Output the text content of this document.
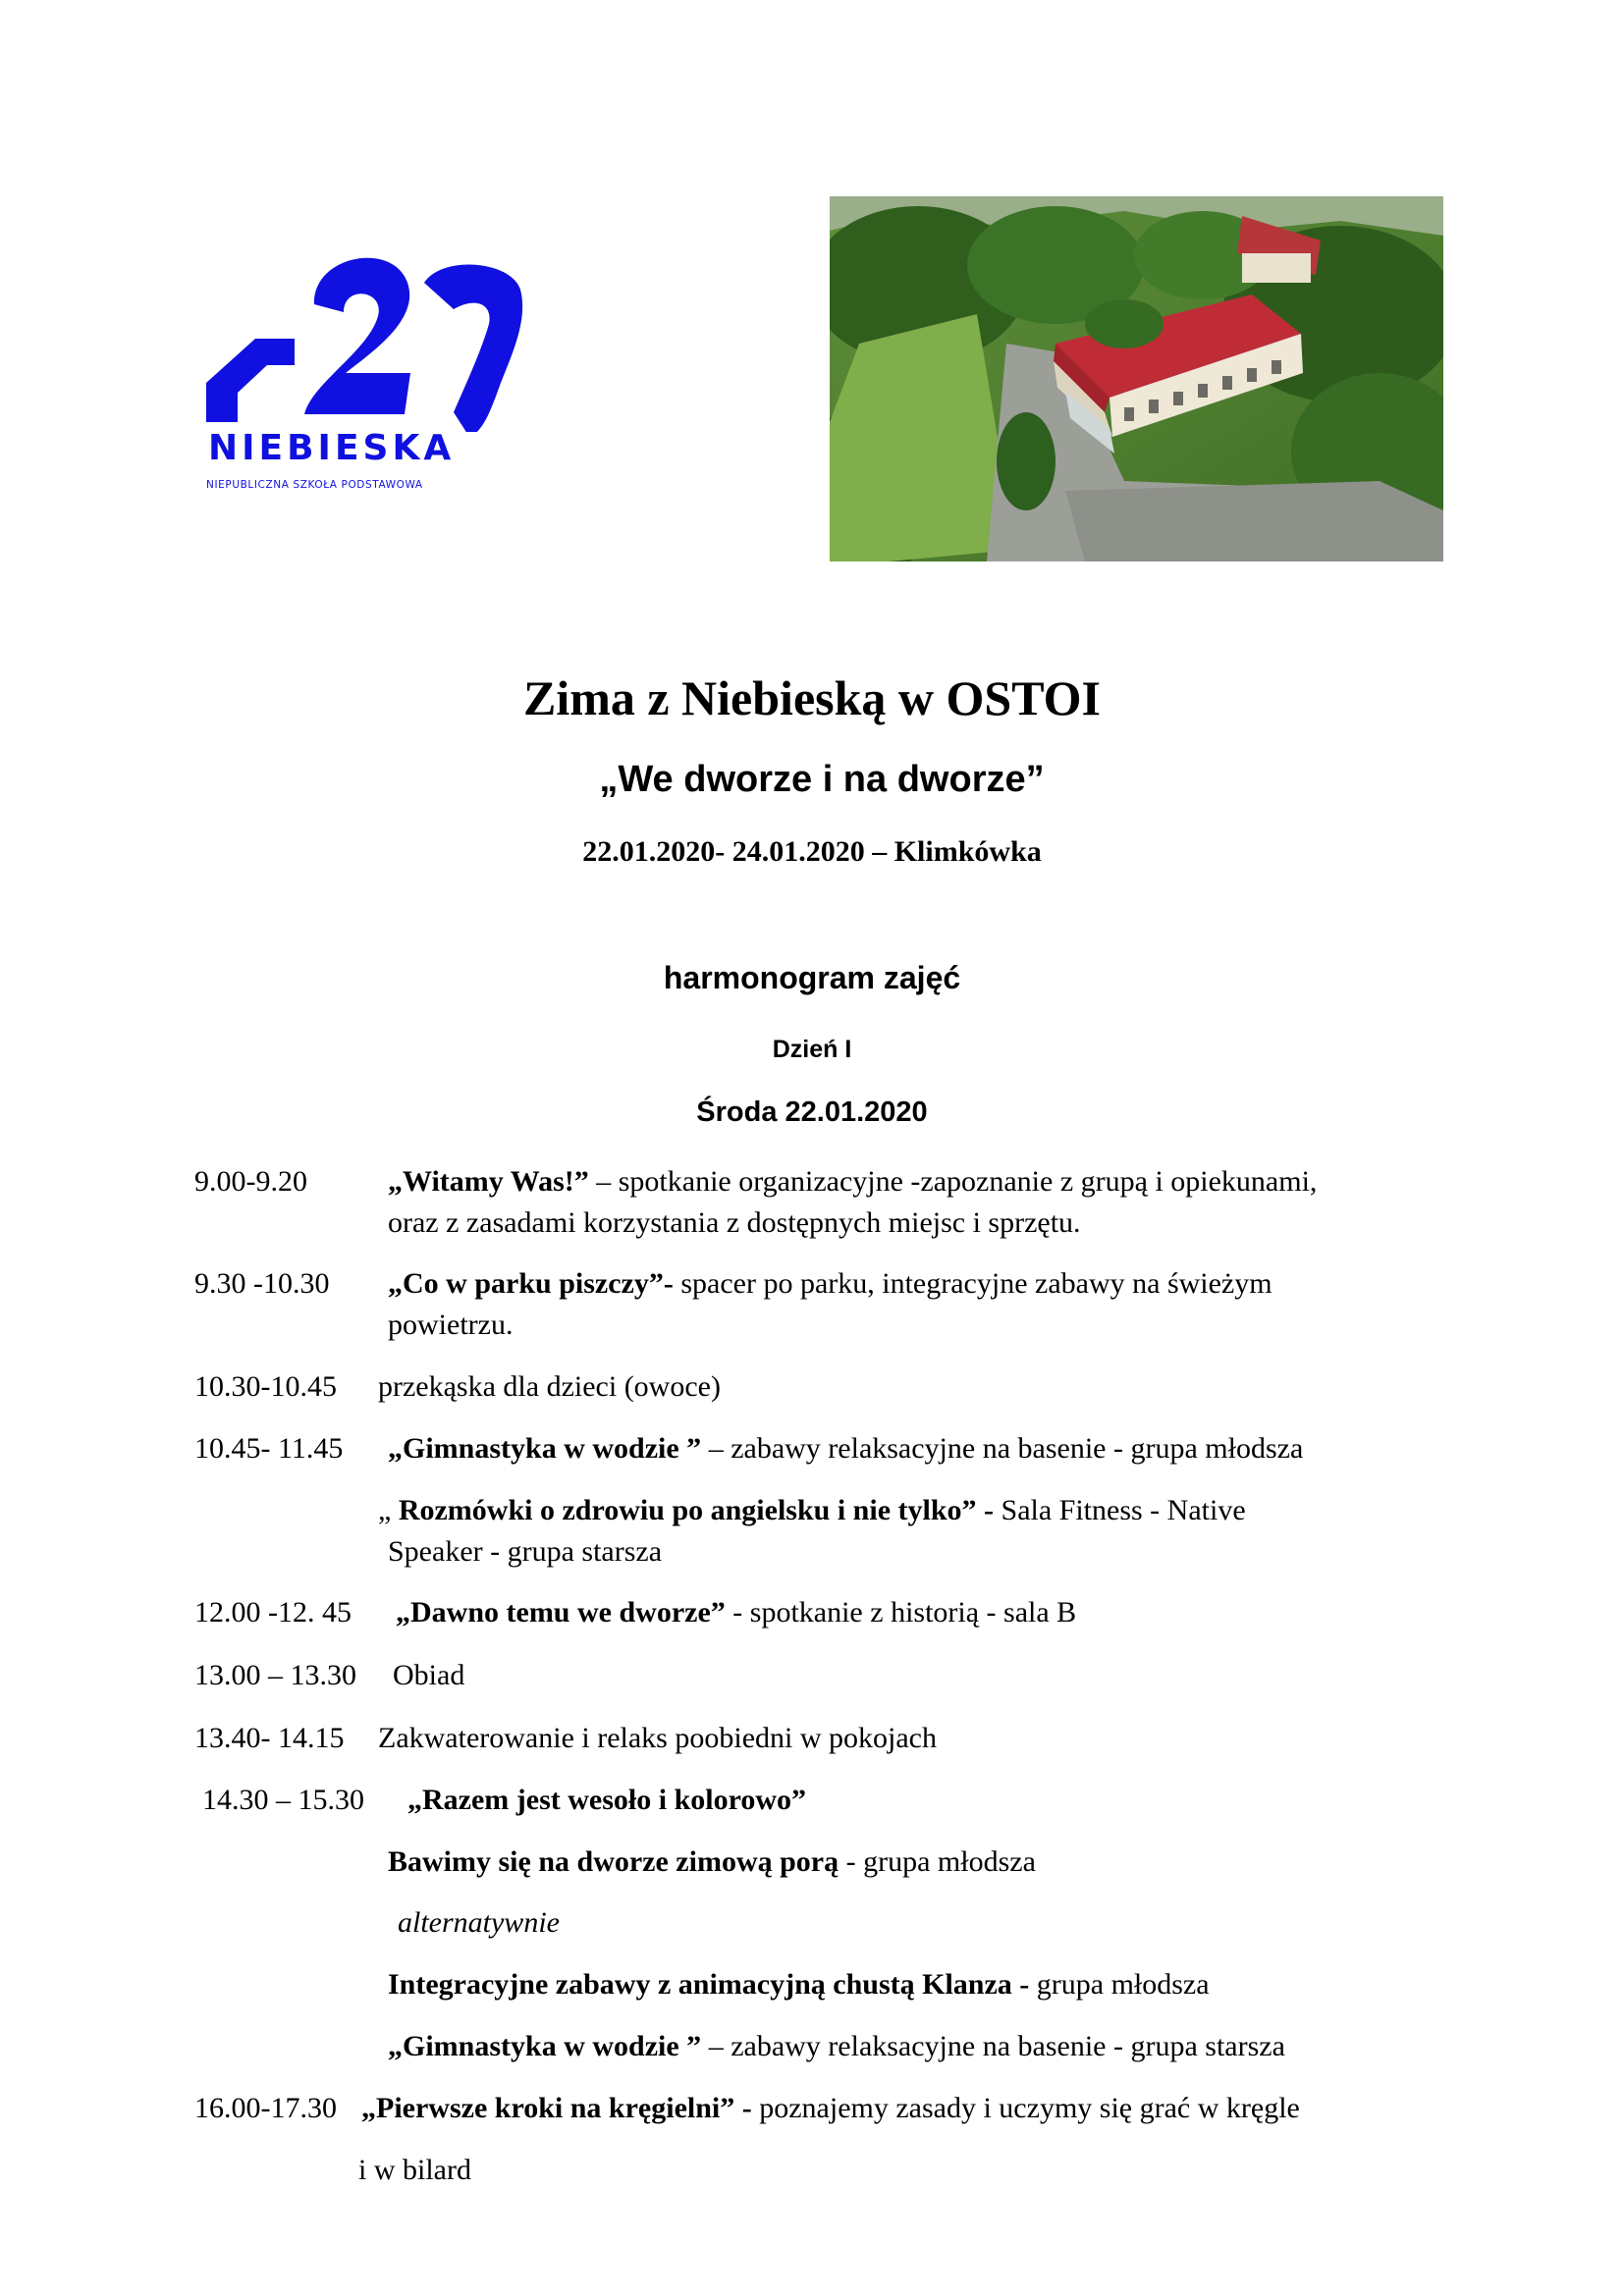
NIEBIESKA
NIEPUBLICZNA SZKOŁA PODSTAWOWA
Zima z Niebieską w OSTOI
„We dworze i na dworze”
22.01.2020- 24.01.2020 – Klimkówka
harmonogram zajęć
Dzień I
Środa 22.01.2020
9.00-9.20	„Witamy Was!” – spotkanie organizacyjne -zapoznanie z grupą i opiekunami,
oraz z zasadami korzystania z dostępnych miejsc i sprzętu.
9.30 -10.30 „Co w parku piszczy”- spacer po parku, integracyjne zabawy na świeżym
powietrzu.
10.30-10.45 przekąska dla dzieci (owoce)
10.45- 11.45 „Gimnastyka w wodzie ” – zabawy relaksacyjne na basenie - grupa młodsza
„ Rozmówki o zdrowiu po angielsku i nie tylko” - Sala Fitness - Native
Speaker - grupa starsza
12.00 -12. 45 „Dawno temu we dworze” - spotkanie z historią - sala B
13.00 – 13.30 Obiad
13.40- 14.15 Zakwaterowanie i relaks poobiedni w pokojach
14.30 – 15.30 „Razem jest wesoło i kolorowo”
Bawimy się na dworze zimową porą - grupa młodsza
alternatywnie
Integracyjne zabawy z animacyjną chustą Klanza - grupa młodsza
„Gimnastyka w wodzie ” – zabawy relaksacyjne na basenie - grupa starsza
16.00-17.30 „Pierwsze kroki na kręgielni” - poznajemy zasady i uczymy się grać w kręgle
i w bilard
